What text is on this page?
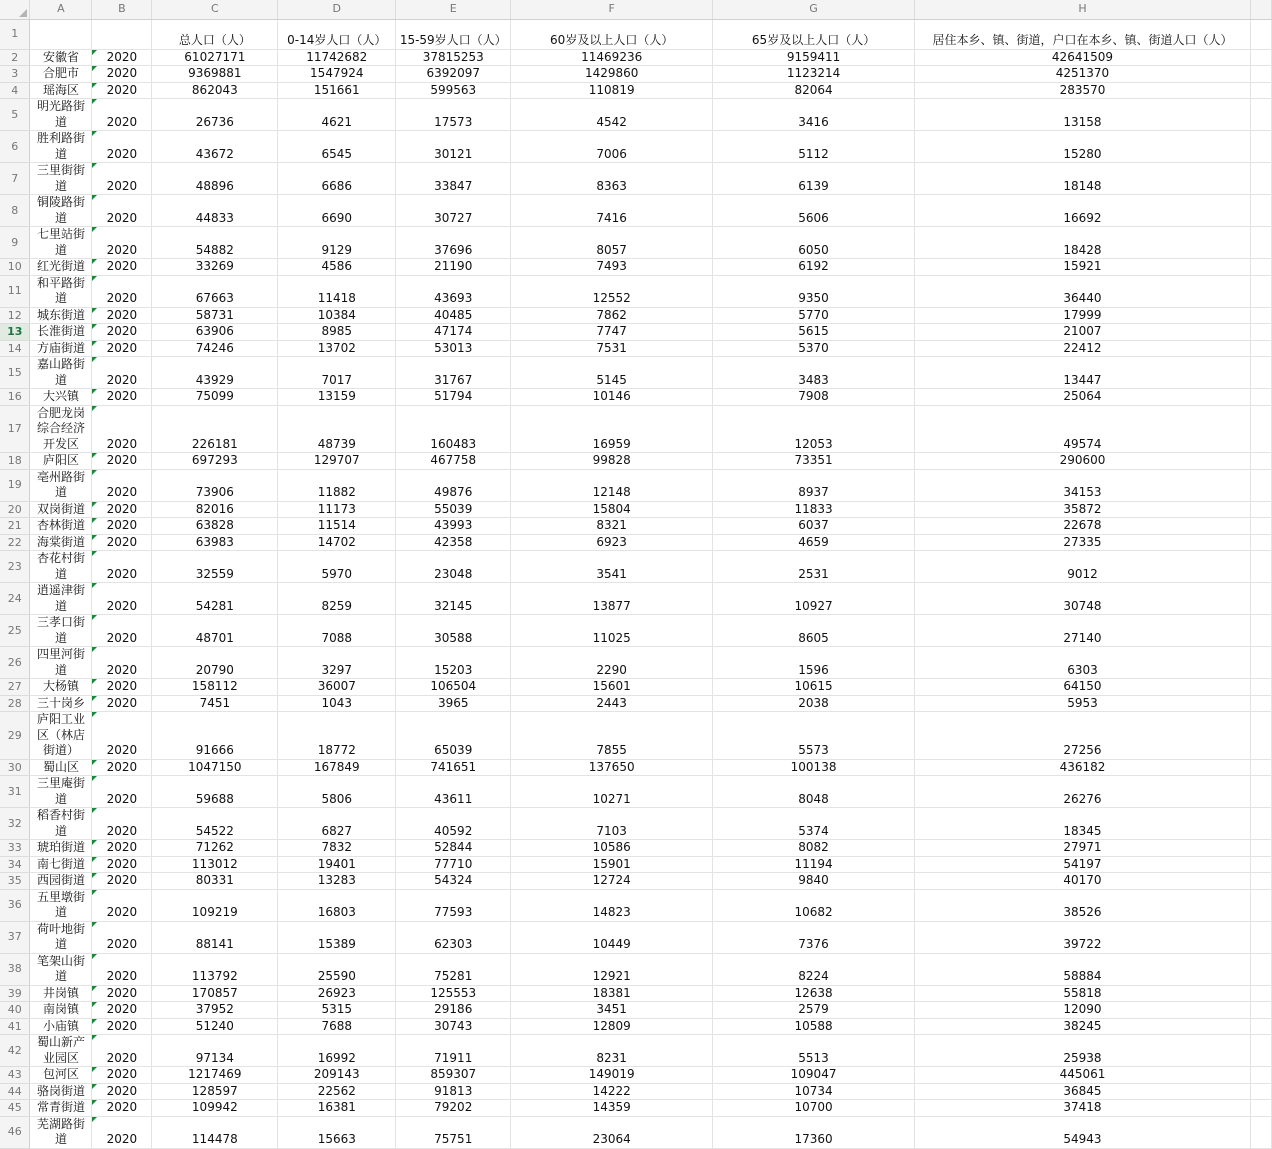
	A	B	C	D	E	F	G	H	
1			总人口（人）	0-14岁人口（人）	15-59岁人口（人）	60岁及以上人口（人）	65岁及以上人口（人）	居住本乡、镇、街道，户口在本乡、镇、街道人口（人）	
2	安徽省	2020	61027171	11742682	37815253	11469236	9159411	42641509	
3	合肥市	2020	9369881	1547924	6392097	1429860	1123214	4251370	
4	瑶海区	2020	862043	151661	599563	110819	82064	283570	
5	明光路街道	2020	26736	4621	17573	4542	3416	13158	
6	胜利路街道	2020	43672	6545	30121	7006	5112	15280	
7	三里街街道	2020	48896	6686	33847	8363	6139	18148	
8	铜陵路街道	2020	44833	6690	30727	7416	5606	16692	
9	七里站街道	2020	54882	9129	37696	8057	6050	18428	
10	红光街道	2020	33269	4586	21190	7493	6192	15921	
11	和平路街道	2020	67663	11418	43693	12552	9350	36440	
12	城东街道	2020	58731	10384	40485	7862	5770	17999	
13	长淮街道	2020	63906	8985	47174	7747	5615	21007	
14	方庙街道	2020	74246	13702	53013	7531	5370	22412	
15	嘉山路街道	2020	43929	7017	31767	5145	3483	13447	
16	大兴镇	2020	75099	13159	51794	10146	7908	25064	
17	合肥龙岗综合经济开发区	2020	226181	48739	160483	16959	12053	49574	
18	庐阳区	2020	697293	129707	467758	99828	73351	290600	
19	亳州路街道	2020	73906	11882	49876	12148	8937	34153	
20	双岗街道	2020	82016	11173	55039	15804	11833	35872	
21	杏林街道	2020	63828	11514	43993	8321	6037	22678	
22	海棠街道	2020	63983	14702	42358	6923	4659	27335	
23	杏花村街道	2020	32559	5970	23048	3541	2531	9012	
24	逍遥津街道	2020	54281	8259	32145	13877	10927	30748	
25	三孝口街道	2020	48701	7088	30588	11025	8605	27140	
26	四里河街道	2020	20790	3297	15203	2290	1596	6303	
27	大杨镇	2020	158112	36007	106504	15601	10615	64150	
28	三十岗乡	2020	7451	1043	3965	2443	2038	5953	
29	庐阳工业区（林店街道）	2020	91666	18772	65039	7855	5573	27256	
30	蜀山区	2020	1047150	167849	741651	137650	100138	436182	
31	三里庵街道	2020	59688	5806	43611	10271	8048	26276	
32	稻香村街道	2020	54522	6827	40592	7103	5374	18345	
33	琥珀街道	2020	71262	7832	52844	10586	8082	27971	
34	南七街道	2020	113012	19401	77710	15901	11194	54197	
35	西园街道	2020	80331	13283	54324	12724	9840	40170	
36	五里墩街道	2020	109219	16803	77593	14823	10682	38526	
37	荷叶地街道	2020	88141	15389	62303	10449	7376	39722	
38	笔架山街道	2020	113792	25590	75281	12921	8224	58884	
39	井岗镇	2020	170857	26923	125553	18381	12638	55818	
40	南岗镇	2020	37952	5315	29186	3451	2579	12090	
41	小庙镇	2020	51240	7688	30743	12809	10588	38245	
42	蜀山新产业园区	2020	97134	16992	71911	8231	5513	25938	
43	包河区	2020	1217469	209143	859307	149019	109047	445061	
44	骆岗街道	2020	128597	22562	91813	14222	10734	36845	
45	常青街道	2020	109942	16381	79202	14359	10700	37418	
46	芜湖路街道	2020	114478	15663	75751	23064	17360	54943	
